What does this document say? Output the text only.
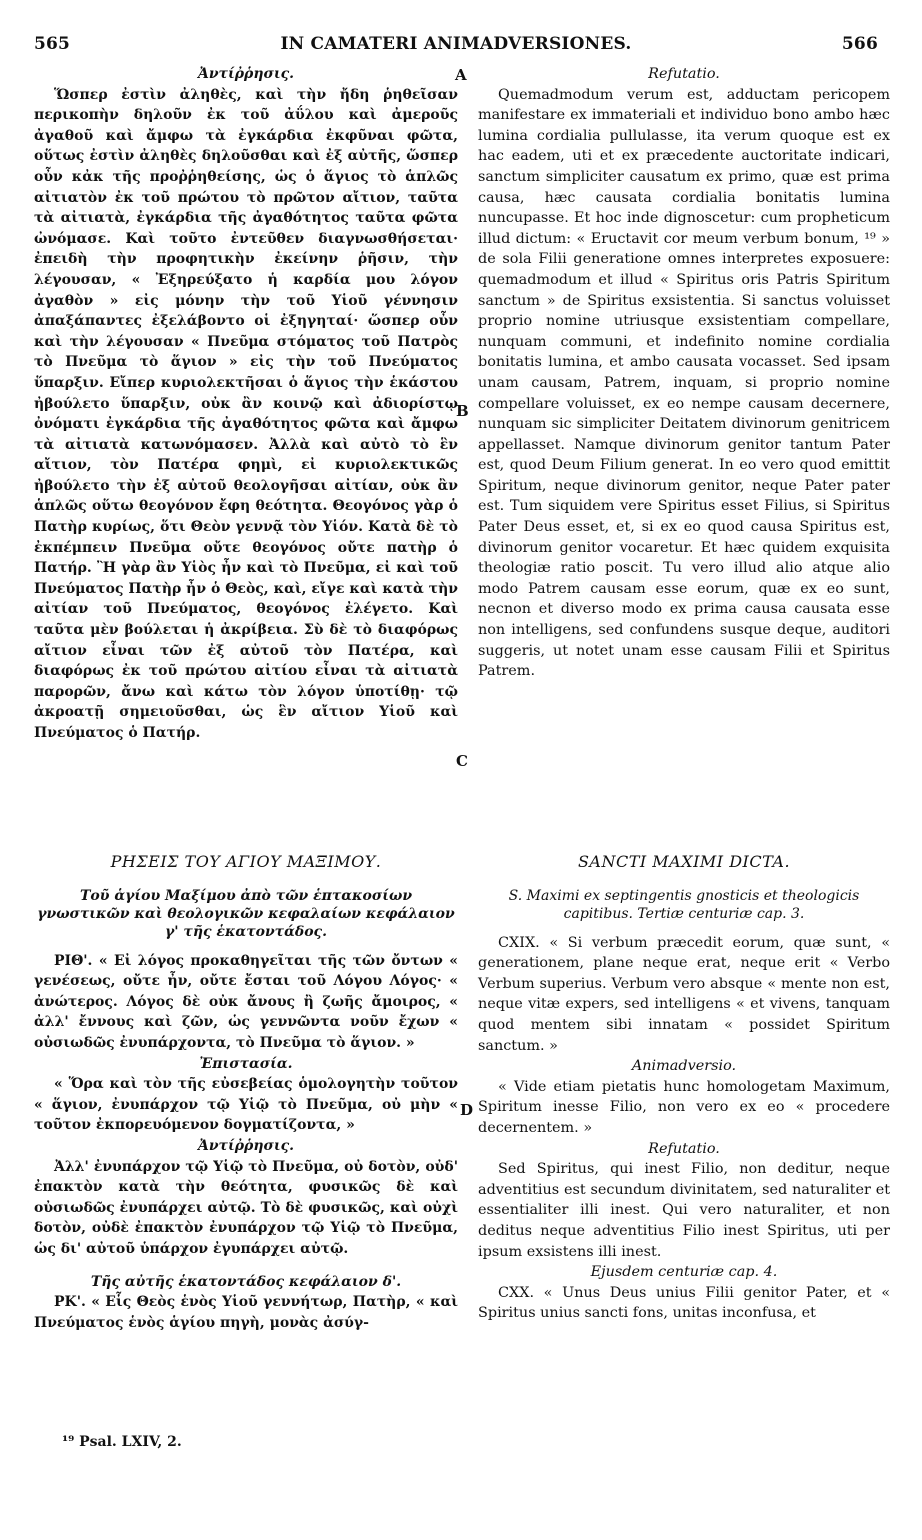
565	IN CAMATERI ANIMADVERSIONES.	566
A
B
C
D
Ἀντίῤῥησις.

Ὥσπερ ἐστὶν ἀληθὲς, καὶ τὴν ἤδη ῥηθεῖσαν περικοπὴν δηλοῦν ἐκ τοῦ ἀΰλου καὶ ἀμεροῦς ἀγαθοῦ καὶ ἄμφω τὰ ἐγκάρδια ἐκφῦναι φῶτα, οὕτως ἐστὶν ἀληθὲς δηλοῦσθαι καὶ ἐξ αὐτῆς, ὥσπερ οὖν κἀκ τῆς προῤῥηθείσης, ὡς ὁ ἅγιος τὸ ἁπλῶς αἰτιατὸν ἐκ τοῦ πρώτου τὸ πρῶτον αἴτιον, ταῦτα τὰ αἰτιατὰ, ἐγκάρδια τῆς ἀγαθότητος ταῦτα φῶτα ὠνόμασε. Καὶ τοῦτο ἐντεῦθεν διαγνωσθήσεται· ἐπειδὴ τὴν προφητικὴν ἐκείνην ῥῆσιν, τὴν λέγουσαν, « Ἐξηρεύξατο ἡ καρδία μου λόγον ἀγαθὸν » εἰς μόνην τὴν τοῦ Υἱοῦ γέννησιν ἀπαξάπαντες ἐξελάβοντο οἱ ἐξηγηταί· ὥσπερ οὖν καὶ τὴν λέγουσαν « Πνεῦμα στόματος τοῦ Πατρὸς τὸ Πνεῦμα τὸ ἅγιον » εἰς τὴν τοῦ Πνεύματος ὕπαρξιν. Εἴπερ κυριολεκτῆσαι ὁ ἅγιος τὴν ἑκάστου ἠβούλετο ὕπαρξιν, οὐκ ἂν κοινῷ καὶ ἀδιορίστῳ ὀνόματι ἐγκάρδια τῆς ἀγαθότητος φῶτα καὶ ἄμφω τὰ αἰτιατὰ κατωνόμασεν. Ἀλλὰ καὶ αὐτὸ τὸ ἓν αἴτιον, τὸν Πατέρα φημὶ, εἰ κυριολεκτικῶς ἠβούλετο τὴν ἐξ αὐτοῦ θεολογῆσαι αἰτίαν, οὐκ ἂν ἁπλῶς οὕτω θεογόνον ἔφη θεότητα. Θεογόνος γὰρ ὁ Πατὴρ κυρίως, ὅτι Θεὸν γεννᾷ τὸν Υἱόν. Κατὰ δὲ τὸ ἐκπέμπειν Πνεῦμα οὔτε θεογόνος οὔτε πατὴρ ὁ Πατήρ. Ἢ γὰρ ἂν Υἱὸς ἦν καὶ τὸ Πνεῦμα, εἰ καὶ τοῦ Πνεύματος Πατὴρ ἦν ὁ Θεὸς, καὶ, εἴγε καὶ κατὰ τὴν αἰτίαν τοῦ Πνεύματος, θεογόνος ἐλέγετο. Καὶ ταῦτα μὲν βούλεται ἡ ἀκρίβεια. Σὺ δὲ τὸ διαφόρως αἴτιον εἶναι τῶν ἐξ αὐτοῦ τὸν Πατέρα, καὶ διαφόρως ἐκ τοῦ πρώτου αἰτίου εἶναι τὰ αἰτιατὰ παρορῶν, ἄνω καὶ κάτω τὸν λόγον ὑποτίθῃ· τῷ ἀκροατῇ σημειοῦσθαι, ὡς ἓν αἴτιον Υἱοῦ καὶ Πνεύματος ὁ Πατήρ.

Refutatio.

Quemadmodum verum est, adductam pericopem manifestare ex immateriali et individuo bono ambo hæc lumina cordialia pullulasse, ita verum quoque est ex hac eadem, uti et ex præcedente auctoritate indicari, sanctum simpliciter causatum ex primo, quæ est prima causa, hæc causata cordialia bonitatis lumina nuncupasse. Et hoc inde dignoscetur: cum propheticum illud dictum: « Eructavit cor meum verbum bonum, ¹⁹ » de sola Filii generatione omnes interpretes exposuere: quemadmodum et illud « Spiritus oris Patris Spiritum sanctum » de Spiritus exsistentia. Si sanctus voluisset proprio nomine utriusque exsistentiam compellare, nunquam communi, et indefinito nomine cordialia bonitatis lumina, et ambo causata vocasset. Sed ipsam unam causam, Patrem, inquam, si proprio nomine compellare voluisset, ex eo nempe causam decernere, nunquam sic simpliciter Deitatem divinorum genitricem appellasset. Namque divinorum genitor tantum Pater est, quod Deum Filium generat. In eo vero quod emittit Spiritum, neque divinorum genitor, neque Pater pater est. Tum siquidem vere Spiritus esset Filius, si Spiritus Pater Deus esset, et, si ex eo quod causa Spiritus est, divinorum genitor vocaretur. Et hæc quidem exquisita theologiæ ratio poscit. Tu vero illud alio atque alio modo Patrem causam esse eorum, quæ ex eo sunt, necnon et diverso modo ex prima causa causata esse non intelligens, sed confundens susque deque, auditori suggeris, ut notet unam esse causam Filii et Spiritus Patrem.

ΡΗΣΕΙΣ ΤΟΥ ΑΓΙΟΥ ΜΑΞΙΜΟΥ.
Τοῦ ἁγίου Μαξίμου ἀπὸ τῶν ἑπτακοσίων γνωστικῶν καὶ θεολογικῶν κεφαλαίων κεφάλαιον γ' τῆς ἑκατοντάδος.

ΡΙΘ'. « Εἰ λόγος προκαθηγεῖται τῆς τῶν ὄντων « γενέσεως, οὔτε ἦν, οὔτε ἔσται τοῦ Λόγου Λόγος· « ἀνώτερος. Λόγος δὲ οὐκ ἄνους ἢ ζωῆς ἄμοιρος, « ἀλλ' ἔννους καὶ ζῶν, ὡς γεννῶντα νοῦν ἔχων « οὐσιωδῶς ἐνυπάρχοντα, τὸ Πνεῦμα τὸ ἅγιον. »

Ἐπιστασία.

« Ὅρα καὶ τὸν τῆς εὐσεβείας ὁμολογητὴν τοῦτον « ἅγιον, ἐνυπάρχον τῷ Υἱῷ τὸ Πνεῦμα, οὐ μὴν « τοῦτον ἐκπορευόμενον δογματίζοντα, »

Ἀντίῤῥησις.

Ἀλλ' ἐνυπάρχον τῷ Υἱῷ τὸ Πνεῦμα, οὐ δοτὸν, οὐδ' ἐπακτὸν κατὰ τὴν θεότητα, φυσικῶς δὲ καὶ οὐσιωδῶς ἐνυπάρχει αὐτῷ. Τὸ δὲ φυσικῶς, καὶ οὐχὶ δοτὸν, οὐδὲ ἐπακτὸν ἐνυπάρχον τῷ Υἱῷ τὸ Πνεῦμα, ὡς δι' αὐτοῦ ὑπάρχον ἐγυπάρχει αὐτῷ.

Τῆς αὐτῆς ἑκατοντάδος κεφάλαιον δ'.

ΡΚ'. « Εἷς Θεὸς ἑνὸς Υἱοῦ γεννήτωρ, Πατὴρ, « καὶ Πνεύματος ἑνὸς ἁγίου πηγὴ, μονὰς ἀσύγ-

SANCTI MAXIMI DICTA.
S. Maximi ex septingentis gnosticis et theologicis capitibus. Tertiæ centuriæ cap. 3.

CXIX. « Si verbum præcedit eorum, quæ sunt, « generationem, plane neque erat, neque erit « Verbo Verbum superius. Verbum vero absque « mente non est, neque vitæ expers, sed intelligens « et vivens, tanquam quod mentem sibi innatam « possidet Spiritum sanctum. »

Animadversio.

« Vide etiam pietatis hunc homologetam Maximum, Spiritum inesse Filio, non vero ex eo « procedere decernentem. »

Refutatio.

Sed Spiritus, qui inest Filio, non deditur, neque adventitius est secundum divinitatem, sed naturaliter et essentialiter illi inest. Qui vero naturaliter, et non deditus neque adventitius Filio inest Spiritus, uti per ipsum exsistens illi inest.

Ejusdem centuriæ cap. 4.

CXX. « Unus Deus unius Filii genitor Pater, et « Spiritus unius sancti fons, unitas inconfusa, et

¹⁹ Psal. LXIV, 2.
